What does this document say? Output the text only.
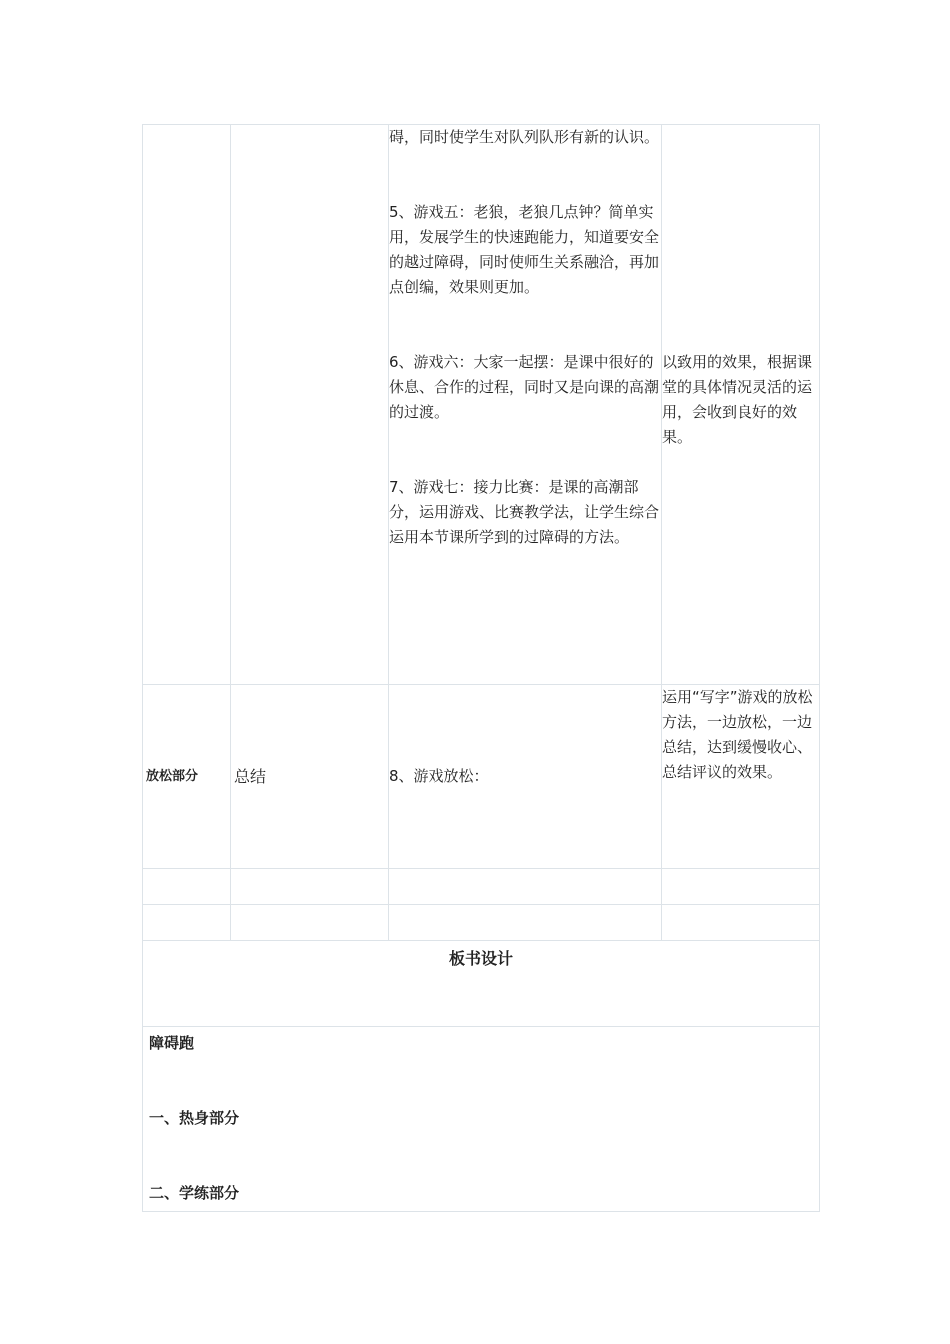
		碍，同时使学生对队列队形有新的认识。

5、游戏五：老狼，老狼几点钟？简单实用，发展学生的快速跑能力，知道要安全的越过障碍，同时使师生关系融洽，再加点创编，效果则更加。

6、游戏六：大家一起摆：是课中很好的休息、合作的过程，同时又是向课的高潮的过渡。

7、游戏七：接力比赛：是课的高潮部分，运用游戏、比赛教学法，让学生综合运用本节课所学到的过障碍的方法。	以致用的效果，根据课堂的具体情况灵活的运用，会收到良好的效果。

放松部分	总结	8、游戏放松：	运用“写字”游戏的放松方法，一边放松，一边总结，达到缓慢收心、总结评议的效果。

板书设计			

障碍跑

一、热身部分

二、学练部分			
